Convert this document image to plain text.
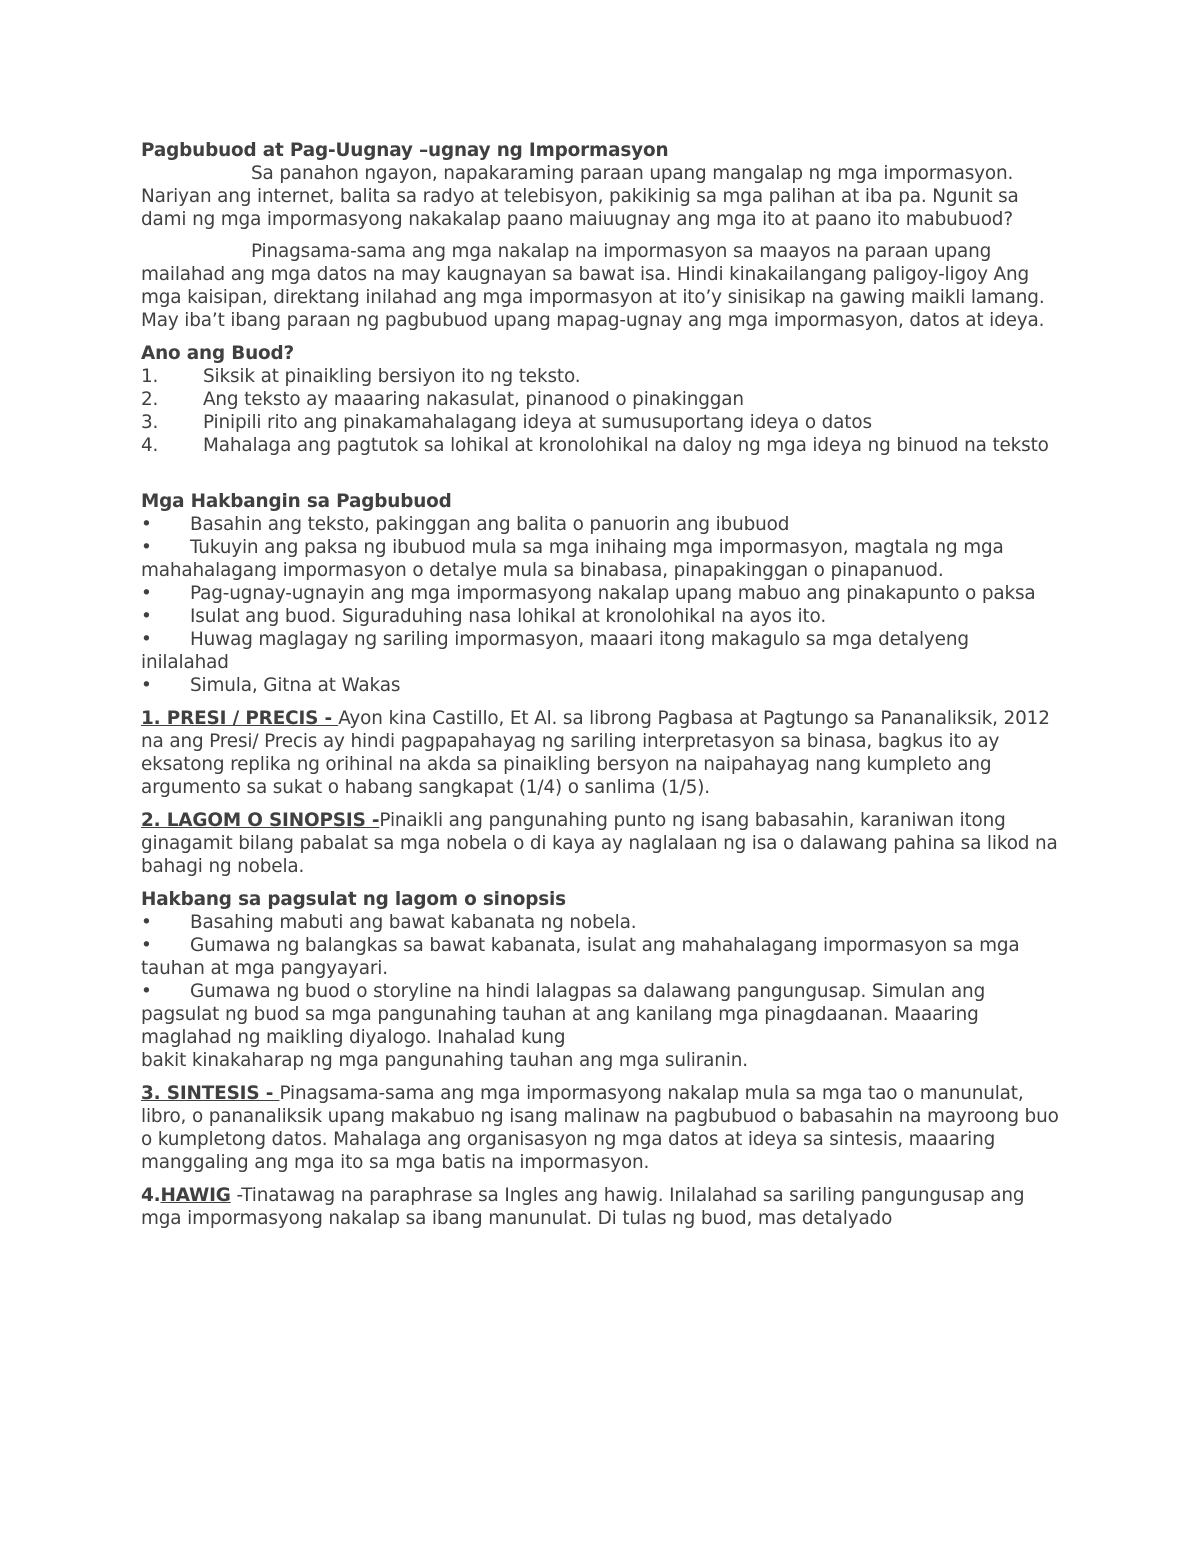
Pagbubuod at Pag-Uugnay –ugnay ng Impormasyon

Sa panahon ngayon, napakaraming paraan upang mangalap ng mga impormasyon. Nariyan ang internet, balita sa radyo at telebisyon, pakikinig sa mga palihan at iba pa. Ngunit sa dami ng mga impormasyong nakakalap paano maiuugnay ang mga ito at paano ito mabubuod?

Pinagsama-sama ang mga nakalap na impormasyon sa maayos na paraan upang mailahad ang mga datos na may kaugnayan sa bawat isa. Hindi kinakailangang paligoy-ligoy Ang mga kaisipan, direktang inilahad ang mga impormasyon at ito’y sinisikap na gawing maikli lamang. May iba’t ibang paraan ng pagbubuod upang mapag-ugnay ang mga impormasyon, datos at ideya.

Ano ang Buod?

1. Siksik at pinaikling bersiyon ito ng teksto.
2. Ang teksto ay maaaring nakasulat, pinanood o pinakinggan
3. Pinipili rito ang pinakamahalagang ideya at sumusuportang ideya o datos
4. Mahalaga ang pagtutok sa lohikal at kronolohikal na daloy ng mga ideya ng binuod na teksto

Mga Hakbangin sa Pagbubuod

• Basahin ang teksto, pakinggan ang balita o panuorin ang ibubuod
• Tukuyin ang paksa ng ibubuod mula sa mga inihaing mga impormasyon, magtala ng mga mahahalagang impormasyon o detalye mula sa binabasa, pinapakinggan o pinapanuod.
• Pag-ugnay-ugnayin ang mga impormasyong nakalap upang mabuo ang pinakapunto o paksa
• Isulat ang buod. Siguraduhing nasa lohikal at kronolohikal na ayos ito.
• Huwag maglagay ng sariling impormasyon, maaari itong makagulo sa mga detalyeng inilalahad
• Simula, Gitna at Wakas

1. PRESI / PRECIS - Ayon kina Castillo, Et Al. sa librong Pagbasa at Pagtungo sa Pananaliksik, 2012 na ang Presi/ Precis ay hindi pagpapahayag ng sariling interpretasyon sa binasa, bagkus ito ay eksatong replika ng orihinal na akda sa pinaikling bersyon na naipahayag nang kumpleto ang argumento sa sukat o habang sangkapat (1/4) o sanlima (1/5).

2. LAGOM O SINOPSIS -Pinaikli ang pangunahing punto ng isang babasahin, karaniwan itong ginagamit bilang pabalat sa mga nobela o di kaya ay naglalaan ng isa o dalawang pahina sa likod na bahagi ng nobela.

Hakbang sa pagsulat ng lagom o sinopsis

• Basahing mabuti ang bawat kabanata ng nobela.
• Gumawa ng balangkas sa bawat kabanata, isulat ang mahahalagang impormasyon sa mga tauhan at mga pangyayari.
• Gumawa ng buod o storyline na hindi lalagpas sa dalawang pangungusap. Simulan ang pagsulat ng buod sa mga pangunahing tauhan at ang kanilang mga pinagdaanan. Maaaring maglahad ng maikling diyalogo. Inahalad kung

bakit kinakaharap ng mga pangunahing tauhan ang mga suliranin.

3. SINTESIS - Pinagsama-sama ang mga impormasyong nakalap mula sa mga tao o manunulat, libro, o pananaliksik upang makabuo ng isang malinaw na pagbubuod o babasahin na mayroong buo o kumpletong datos. Mahalaga ang organisasyon ng mga datos at ideya sa sintesis, maaaring manggaling ang mga ito sa mga batis na impormasyon.

4.HAWIG -Tinatawag na paraphrase sa Ingles ang hawig. Inilalahad sa sariling pangungusap ang mga impormasyong nakalap sa ibang manunulat. Di tulas ng buod, mas detalyado
